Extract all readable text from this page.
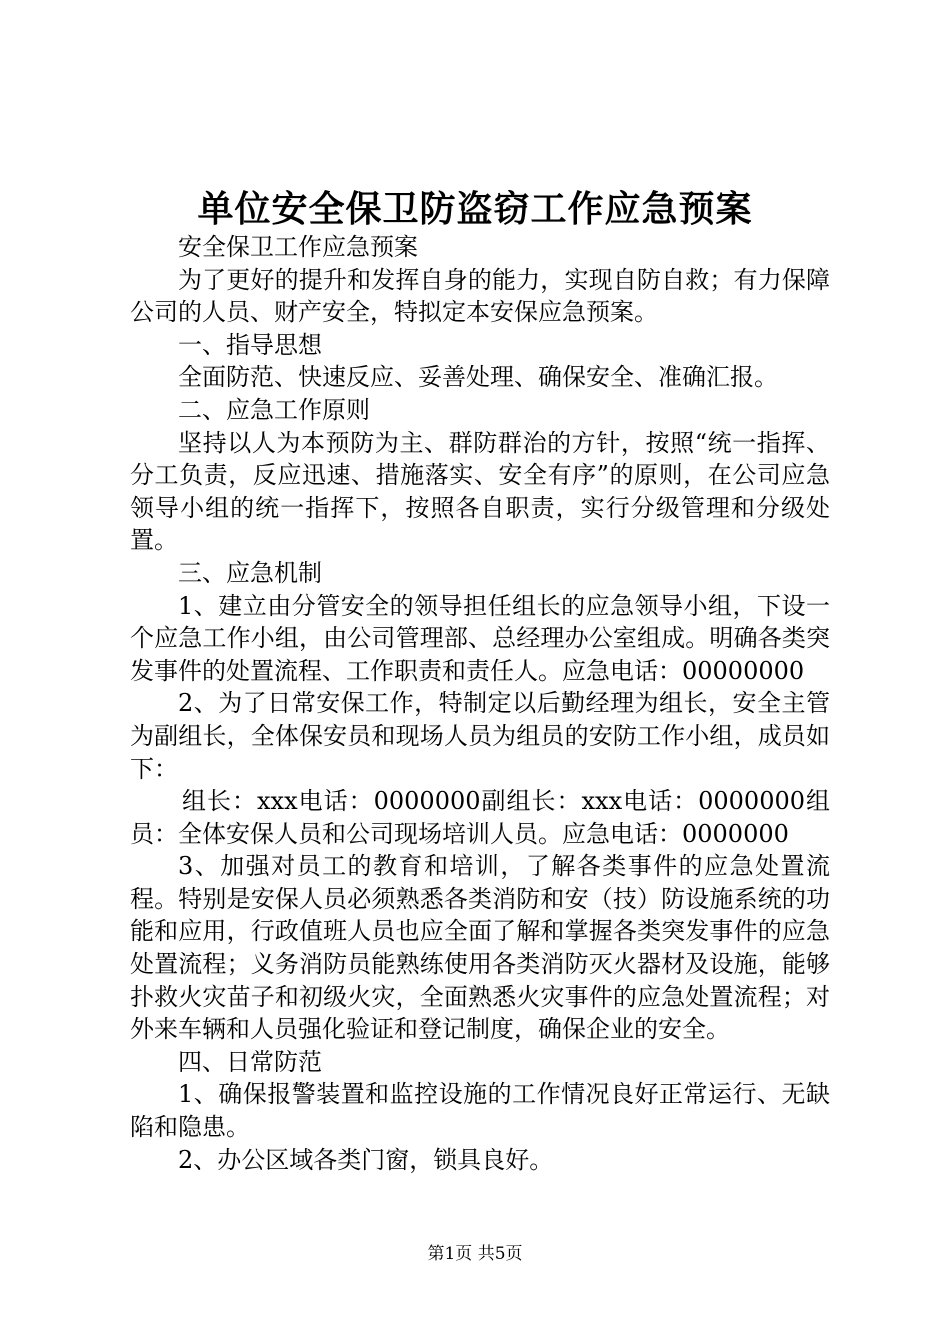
单位安全保卫防盗窃工作应急预案

安全保卫工作应急预案

为了更好的提升和发挥自身的能力，实现自防自救；有力保障公司的人员、财产安全，特拟定本安保应急预案。

一、指导思想

全面防范、快速反应、妥善处理、确保安全、准确汇报。

二、应急工作原则

坚持以人为本预防为主、群防群治的方针，按照“统一指挥、分工负责，反应迅速、措施落实、安全有序”的原则，在公司应急领导小组的统一指挥下，按照各自职责，实行分级管理和分级处置。

三、应急机制

1、建立由分管安全的领导担任组长的应急领导小组，下设一个应急工作小组，由公司管理部、总经理办公室组成。明确各类突发事件的处置流程、工作职责和责任人。应急电话：00000000

2、为了日常安保工作，特制定以后勤经理为组长，安全主管为副组长，全体保安员和现场人员为组员的安防工作小组，成员如下：

组长：xxx电话：0000000副组长：xxx电话：0000000组员：全体安保人员和公司现场培训人员。应急电话：0000000

3、加强对员工的教育和培训，了解各类事件的应急处置流程。特别是安保人员必须熟悉各类消防和安（技）防设施系统的功能和应用，行政值班人员也应全面了解和掌握各类突发事件的应急处置流程；义务消防员能熟练使用各类消防灭火器材及设施，能够扑救火灾苗子和初级火灾，全面熟悉火灾事件的应急处置流程；对外来车辆和人员强化验证和登记制度，确保企业的安全。

四、日常防范

1、确保报警装置和监控设施的工作情况良好正常运行、无缺陷和隐患。

2、办公区域各类门窗，锁具良好。

第1页 共5页
